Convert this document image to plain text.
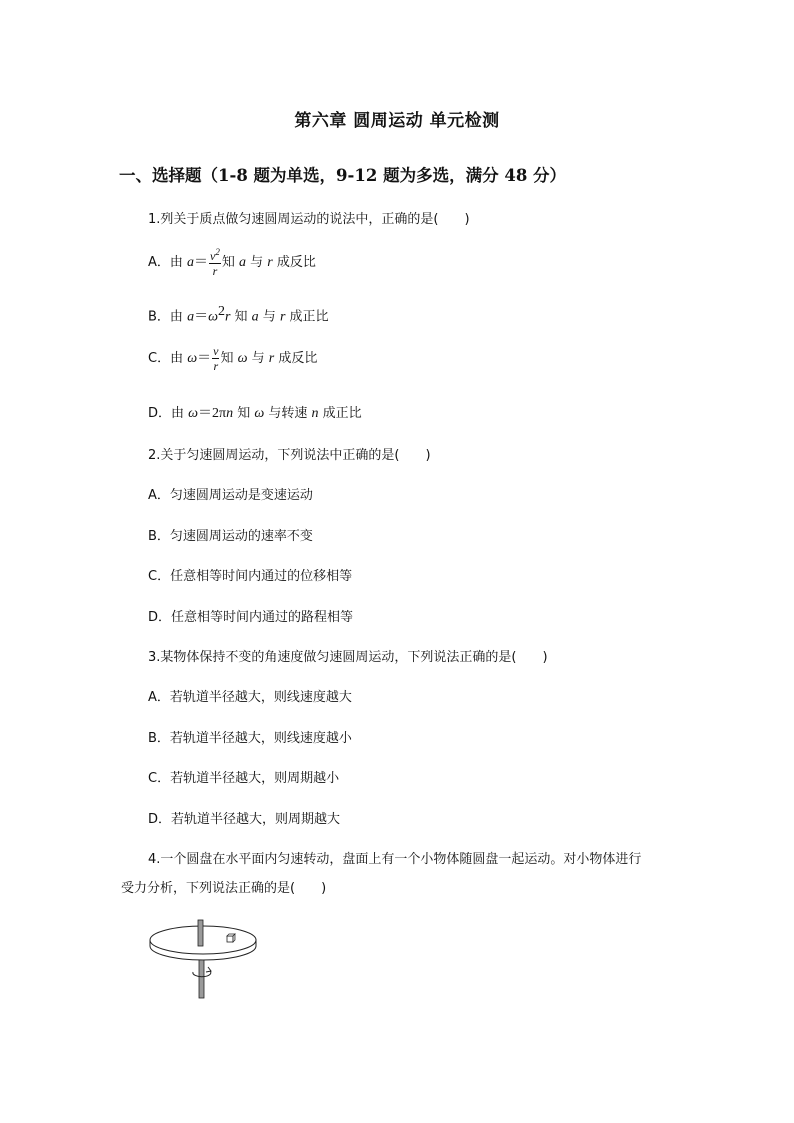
第六章 圆周运动 单元检测
一、选择题（1-8 题为单选，9-12 题为多选，满分 48 分）
1.列关于质点做匀速圆周运动的说法中，正确的是(　　)
A．由 $a= \frac{v^2}{r}$ 知 a 与 r 成反比
B．由 $a=\omega^2r$ 知 a 与 r 成正比
C．由 $\omega= \frac{v}{r}$ 知 ω 与 r 成反比
D．由 ω＝2πn 知 ω 与转速 n 成正比
2.关于匀速圆周运动，下列说法中正确的是(　　)
A．匀速圆周运动是变速运动
B．匀速圆周运动的速率不变
C．任意相等时间内通过的位移相等
D．任意相等时间内通过的路程相等
3.某物体保持不变的角速度做匀速圆周运动，下列说法正确的是(　　)
A．若轨道半径越大，则线速度越大
B．若轨道半径越大，则线速度越小
C．若轨道半径越大，则周期越小
D．若轨道半径越大，则周期越大
4.一个圆盘在水平面内匀速转动，盘面上有一个小物体随圆盘一起运动。对小物体进行
受力分析，下列说法正确的是(　　)
